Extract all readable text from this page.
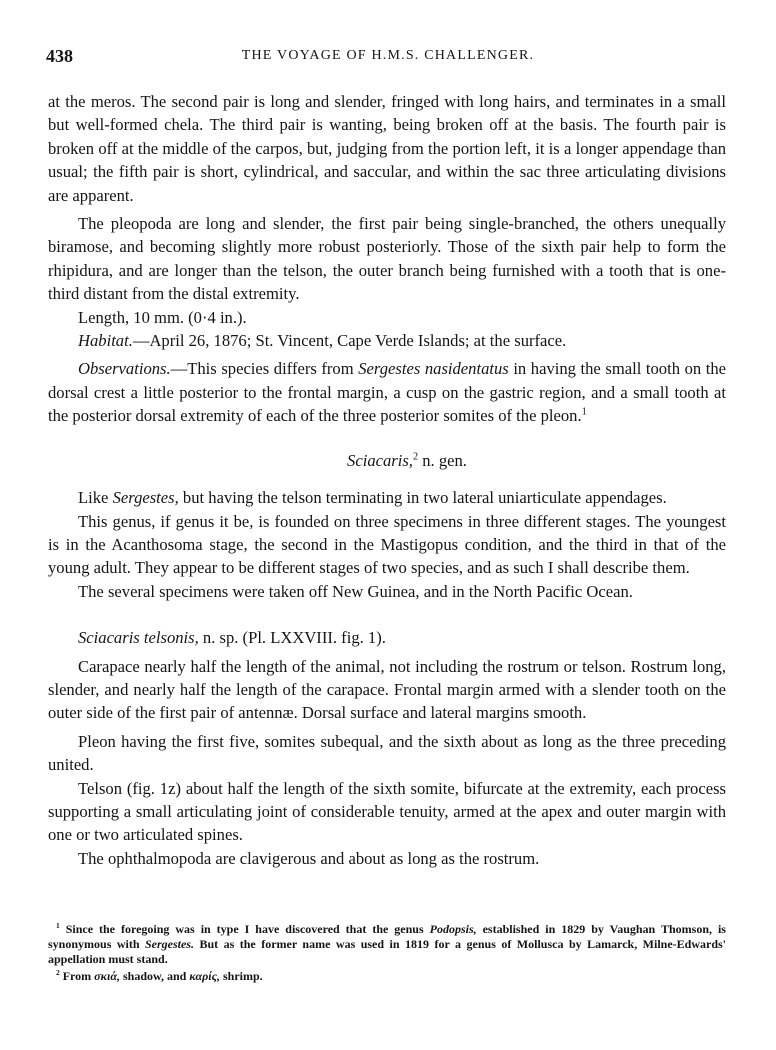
438	THE VOYAGE OF H.M.S. CHALLENGER.

at the meros. The second pair is long and slender, fringed with long hairs, and terminates in a small but well-formed chela. The third pair is wanting, being broken off at the basis. The fourth pair is broken off at the middle of the carpos, but, judging from the portion left, it is a longer appendage than usual; the fifth pair is short, cylindrical, and saccular, and within the sac three articulating divisions are apparent.

The pleopoda are long and slender, the first pair being single-branched, the others unequally biramose, and becoming slightly more robust posteriorly. Those of the sixth pair help to form the rhipidura, and are longer than the telson, the outer branch being furnished with a tooth that is one-third distant from the distal extremity.

Length, 10 mm. (0·4 in.).

Habitat.—April 26, 1876; St. Vincent, Cape Verde Islands; at the surface.

Observations.—This species differs from Sergestes nasidentatus in having the small tooth on the dorsal crest a little posterior to the frontal margin, a cusp on the gastric region, and a small tooth at the posterior dorsal extremity of each of the three posterior somites of the pleon.$^1$

Sciacaris,$^2$ n. gen.

Like Sergestes, but having the telson terminating in two lateral uniarticulate appendages.

This genus, if genus it be, is founded on three specimens in three different stages. The youngest is in the Acanthosoma stage, the second in the Mastigopus condition, and the third in that of the young adult. They appear to be different stages of two species, and as such I shall describe them.

The several specimens were taken off New Guinea, and in the North Pacific Ocean.

Sciacaris telsonis, n. sp. (Pl. LXXVIII. fig. 1).

Carapace nearly half the length of the animal, not including the rostrum or telson. Rostrum long, slender, and nearly half the length of the carapace. Frontal margin armed with a slender tooth on the outer side of the first pair of antennæ. Dorsal surface and lateral margins smooth.

Pleon having the first five, somites subequal, and the sixth about as long as the three preceding united.

Telson (fig. 1z) about half the length of the sixth somite, bifurcate at the extremity, each process supporting a small articulating joint of considerable tenuity, armed at the apex and outer margin with one or two articulated spines.

The ophthalmopoda are clavigerous and about as long as the rostrum.

$^1$ Since the foregoing was in type I have discovered that the genus Podopsis, established in 1829 by Vaughan Thomson, is synonymous with Sergestes. But as the former name was used in 1819 for a genus of Mollusca by Lamarck, Milne-Edwards' appellation must stand.

$^2$ From σκιά, shadow, and καρίς, shrimp.
